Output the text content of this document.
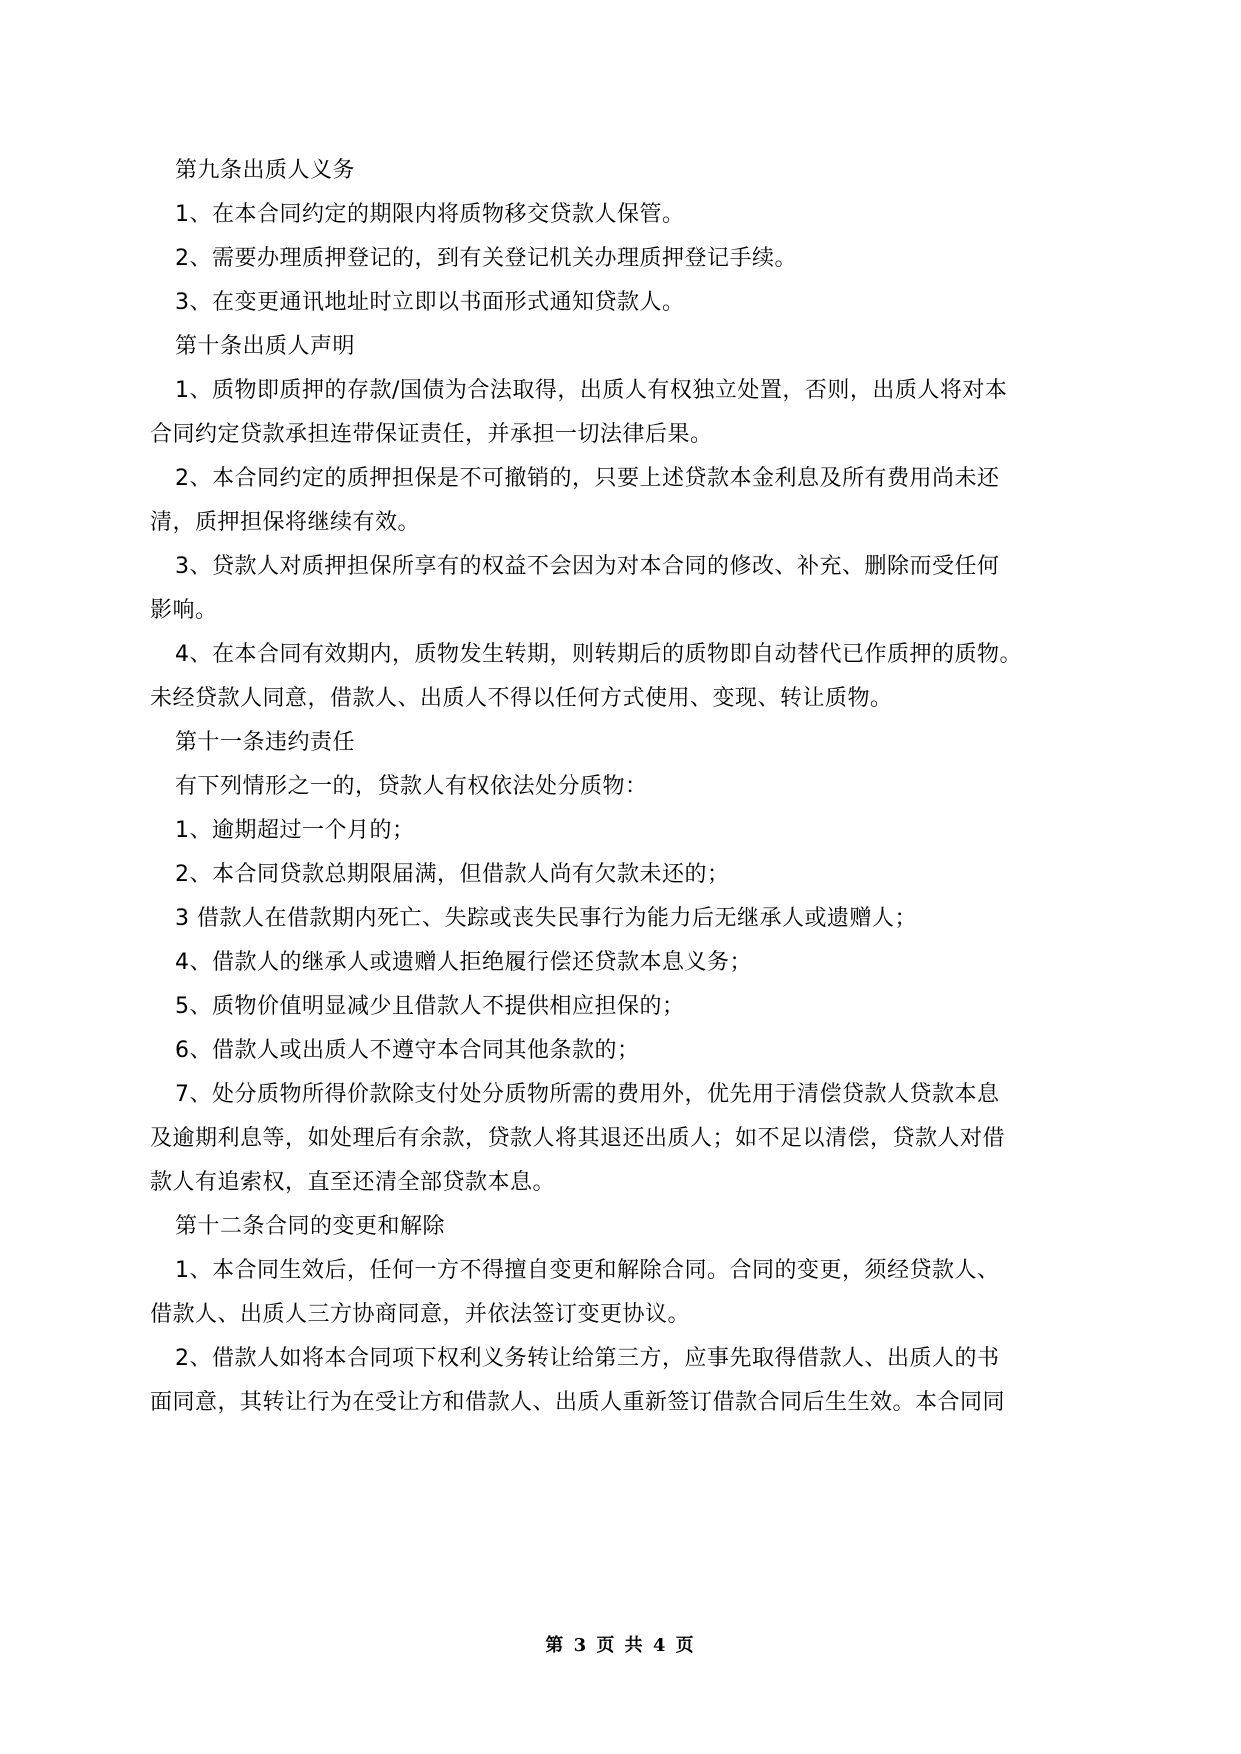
第九条出质人义务
1、在本合同约定的期限内将质物移交贷款人保管。
2、需要办理质押登记的，到有关登记机关办理质押登记手续。
3、在变更通讯地址时立即以书面形式通知贷款人。
第十条出质人声明
1、质物即质押的存款/国债为合法取得，出质人有权独立处置，否则，出质人将对本
合同约定贷款承担连带保证责任，并承担一切法律后果。
2、本合同约定的质押担保是不可撤销的，只要上述贷款本金利息及所有费用尚未还
清，质押担保将继续有效。
3、贷款人对质押担保所享有的权益不会因为对本合同的修改、补充、删除而受任何
影响。
4、在本合同有效期内，质物发生转期，则转期后的质物即自动替代已作质押的质物。
未经贷款人同意，借款人、出质人不得以任何方式使用、变现、转让质物。
第十一条违约责任
有下列情形之一的，贷款人有权依法处分质物：
1、逾期超过一个月的；
2、本合同贷款总期限届满，但借款人尚有欠款未还的；
3 借款人在借款期内死亡、失踪或丧失民事行为能力后无继承人或遗赠人；
4、借款人的继承人或遗赠人拒绝履行偿还贷款本息义务；
5、质物价值明显减少且借款人不提供相应担保的；
6、借款人或出质人不遵守本合同其他条款的；
7、处分质物所得价款除支付处分质物所需的费用外，优先用于清偿贷款人贷款本息
及逾期利息等，如处理后有余款，贷款人将其退还出质人；如不足以清偿，贷款人对借
款人有追索权，直至还清全部贷款本息。
第十二条合同的变更和解除
1、本合同生效后，任何一方不得擅自变更和解除合同。合同的变更，须经贷款人、
借款人、出质人三方协商同意，并依法签订变更协议。
2、借款人如将本合同项下权利义务转让给第三方，应事先取得借款人、出质人的书
面同意，其转让行为在受让方和借款人、出质人重新签订借款合同后生生效。本合同同
第 3 页 共 4 页
